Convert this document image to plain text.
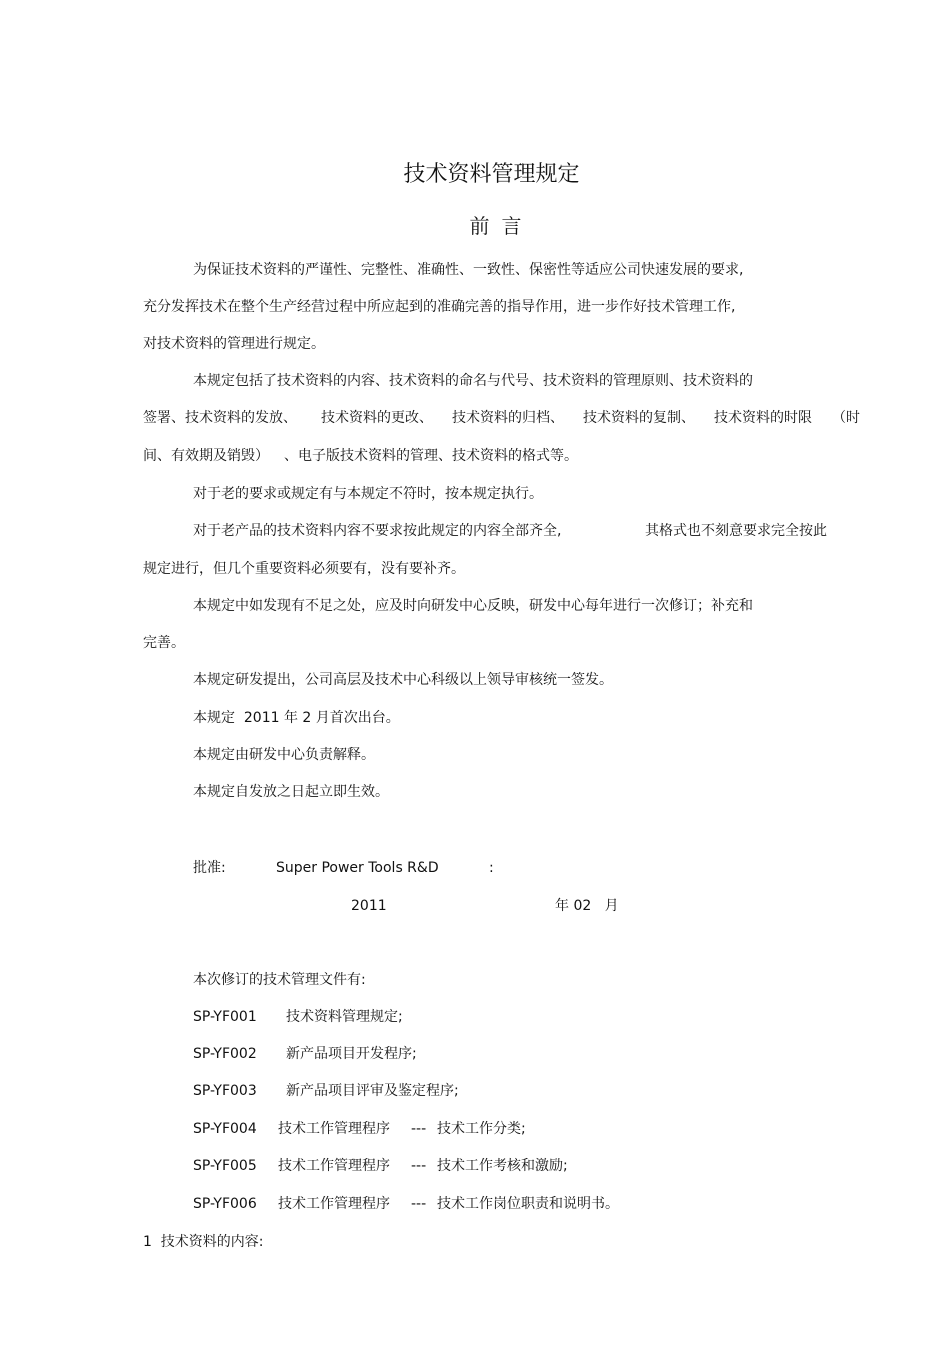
技术资料管理规定
前言
为保证技术资料的严谨性、完整性、准确性、一致性、保密性等适应公司快速发展的要求,
充分发挥技术在整个生产经营过程中所应起到的准确完善的指导作用，进一步作好技术管理工作,
对技术资料的管理进行规定。
本规定包括了技术资料的内容、技术资料的命名与代号、技术资料的管理原则、技术资料的
签署、技术资料的发放、 技术资料的更改、 技术资料的归档、 技术资料的复制、 技术资料的时限 （时
间、有效期及销毁） 、电子版技术资料的管理、技术资料的格式等。
对于老的要求或规定有与本规定不符时，按本规定执行。
对于老产品的技术资料内容不要求按此规定的内容全部齐全,	其格式也不刻意要求完全按此
规定进行，但几个重要资料必须要有，没有要补齐。
本规定中如发现有不足之处，应及时向研发中心反映，研发中心每年进行一次修订；补充和
完善。
本规定研发提出，公司高层及技术中心科级以上领导审核统一签发。
本规定  2011 年 2 月首次出台。
本规定由研发中心负责解释。
本规定自发放之日起立即生效。
批准:	Super Power Tools R&D	:
2011	年 02   月
本次修订的技术管理文件有:
SP-YF001 技术资料管理规定;
SP-YF002 新产品项目开发程序;
SP-YF003 新产品项目评审及鉴定程序;
SP-YF004 技术工作管理程序 --- 技术工作分类;
SP-YF005 技术工作管理程序 --- 技术工作考核和激励;
SP-YF006 技术工作管理程序 --- 技术工作岗位职责和说明书。
1  技术资料的内容:
